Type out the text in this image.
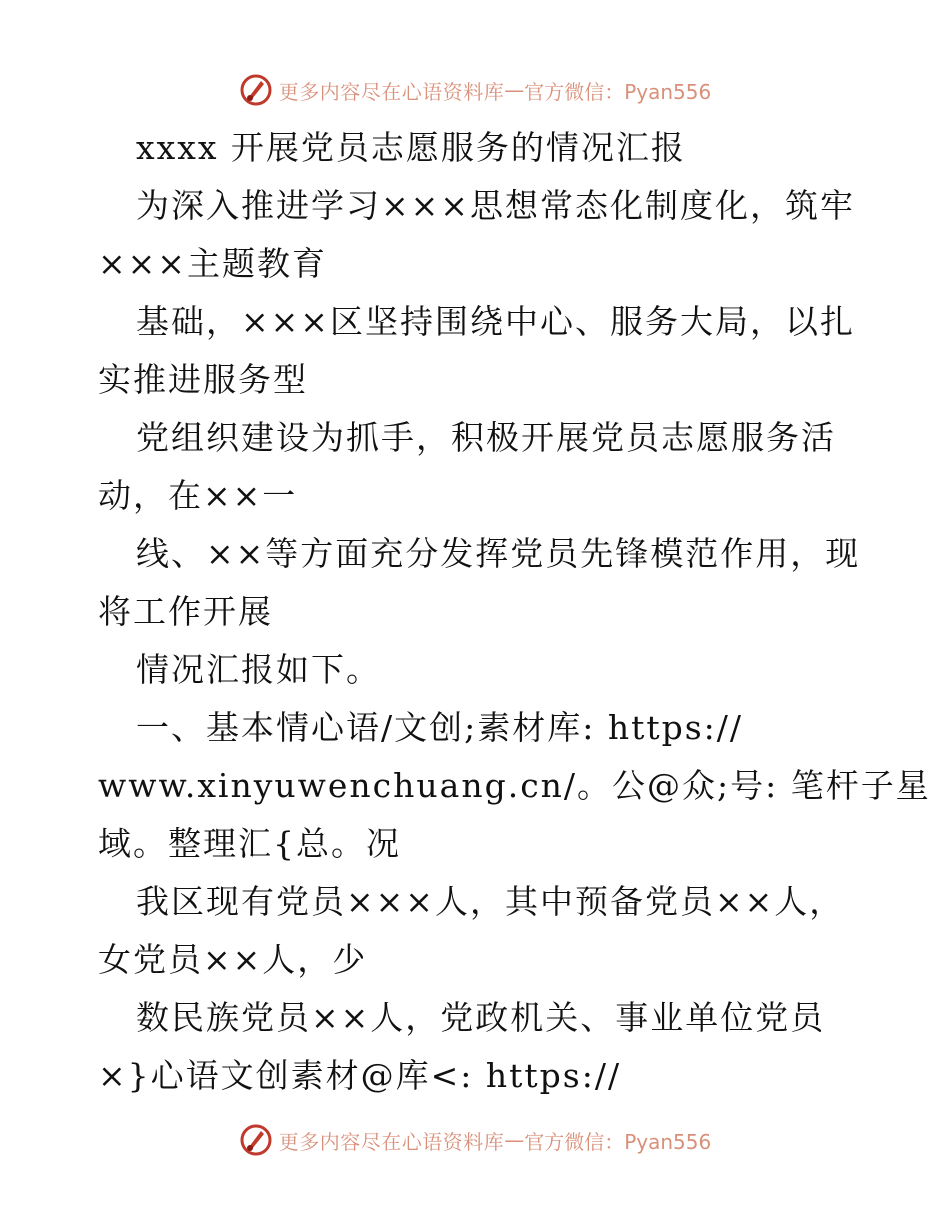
更多内容尽在心语资料库 — 官方微信：Pyan556
xxxx 开展党员志愿服务的情况汇报
为深入推进学习×××思想常态化制度化，筑牢
×××主题教育
基础，×××区坚持围绕中心、服务大局，以扎
实推进服务型
党组织建设为抓手，积极开展党员志愿服务活
动，在××一
线、××等方面充分发挥党员先锋模范作用，现
将工作开展
情况汇报如下。
一、基本情心语/文创;素材库: https://
www.xinyuwenchuang.cn/。公@众;号: 笔杆子星
域。整理汇{总。况
我区现有党员×××人，其中预备党员××人，
女党员××人，少
数民族党员××人，党政机关、事业单位党员
×}心语文创素材@库<: https://
更多内容尽在心语资料库 — 官方微信：Pyan556
